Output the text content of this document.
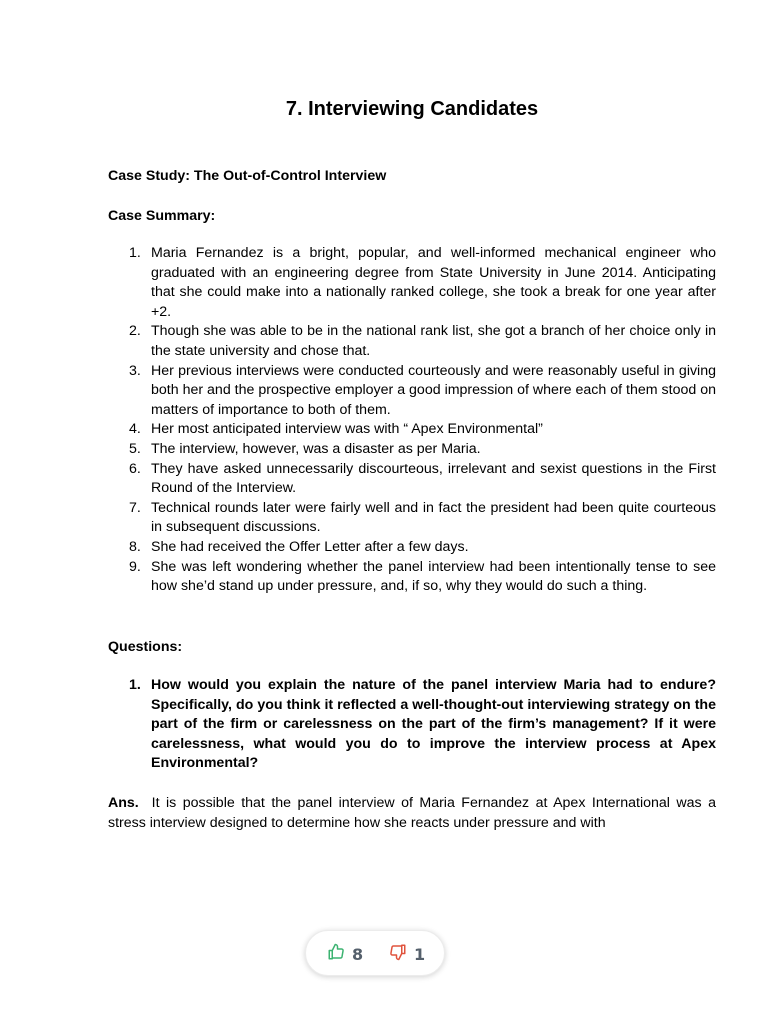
7. Interviewing Candidates
Case Study: The Out-of-Control Interview
Case Summary:
1. Maria Fernandez is a bright, popular, and well-informed mechanical engineer who graduated with an engineering degree from State University in June 2014. Anticipating that she could make into a nationally ranked college, she took a break for one year after +2.
2. Though she was able to be in the national rank list, she got a branch of her choice only in the state university and chose that.
3. Her previous interviews were conducted courteously and were reasonably useful in giving both her and the prospective employer a good impression of where each of them stood on matters of importance to both of them.
4. Her most anticipated interview was with “ Apex Environmental”
5. The interview, however, was a disaster as per Maria.
6. They have asked unnecessarily discourteous, irrelevant and sexist questions in the First Round of the Interview.
7. Technical rounds later were fairly well and in fact the president had been quite courteous in subsequent discussions.
8. She had received the Offer Letter after a few days.
9. She was left wondering whether the panel interview had been intentionally tense to see how she’d stand up under pressure, and, if so, why they would do such a thing.
Questions:
1. How would you explain the nature of the panel interview Maria had to endure? Specifically, do you think it reflected a well-thought-out interviewing strategy on the part of the firm or carelessness on the part of the firm’s management? If it were carelessness, what would you do to improve the interview process at Apex Environmental?

Ans. It is possible that the panel interview of Maria Fernandez at Apex International was a stress interview designed to determine how she reacts under pressure and with

8	1
